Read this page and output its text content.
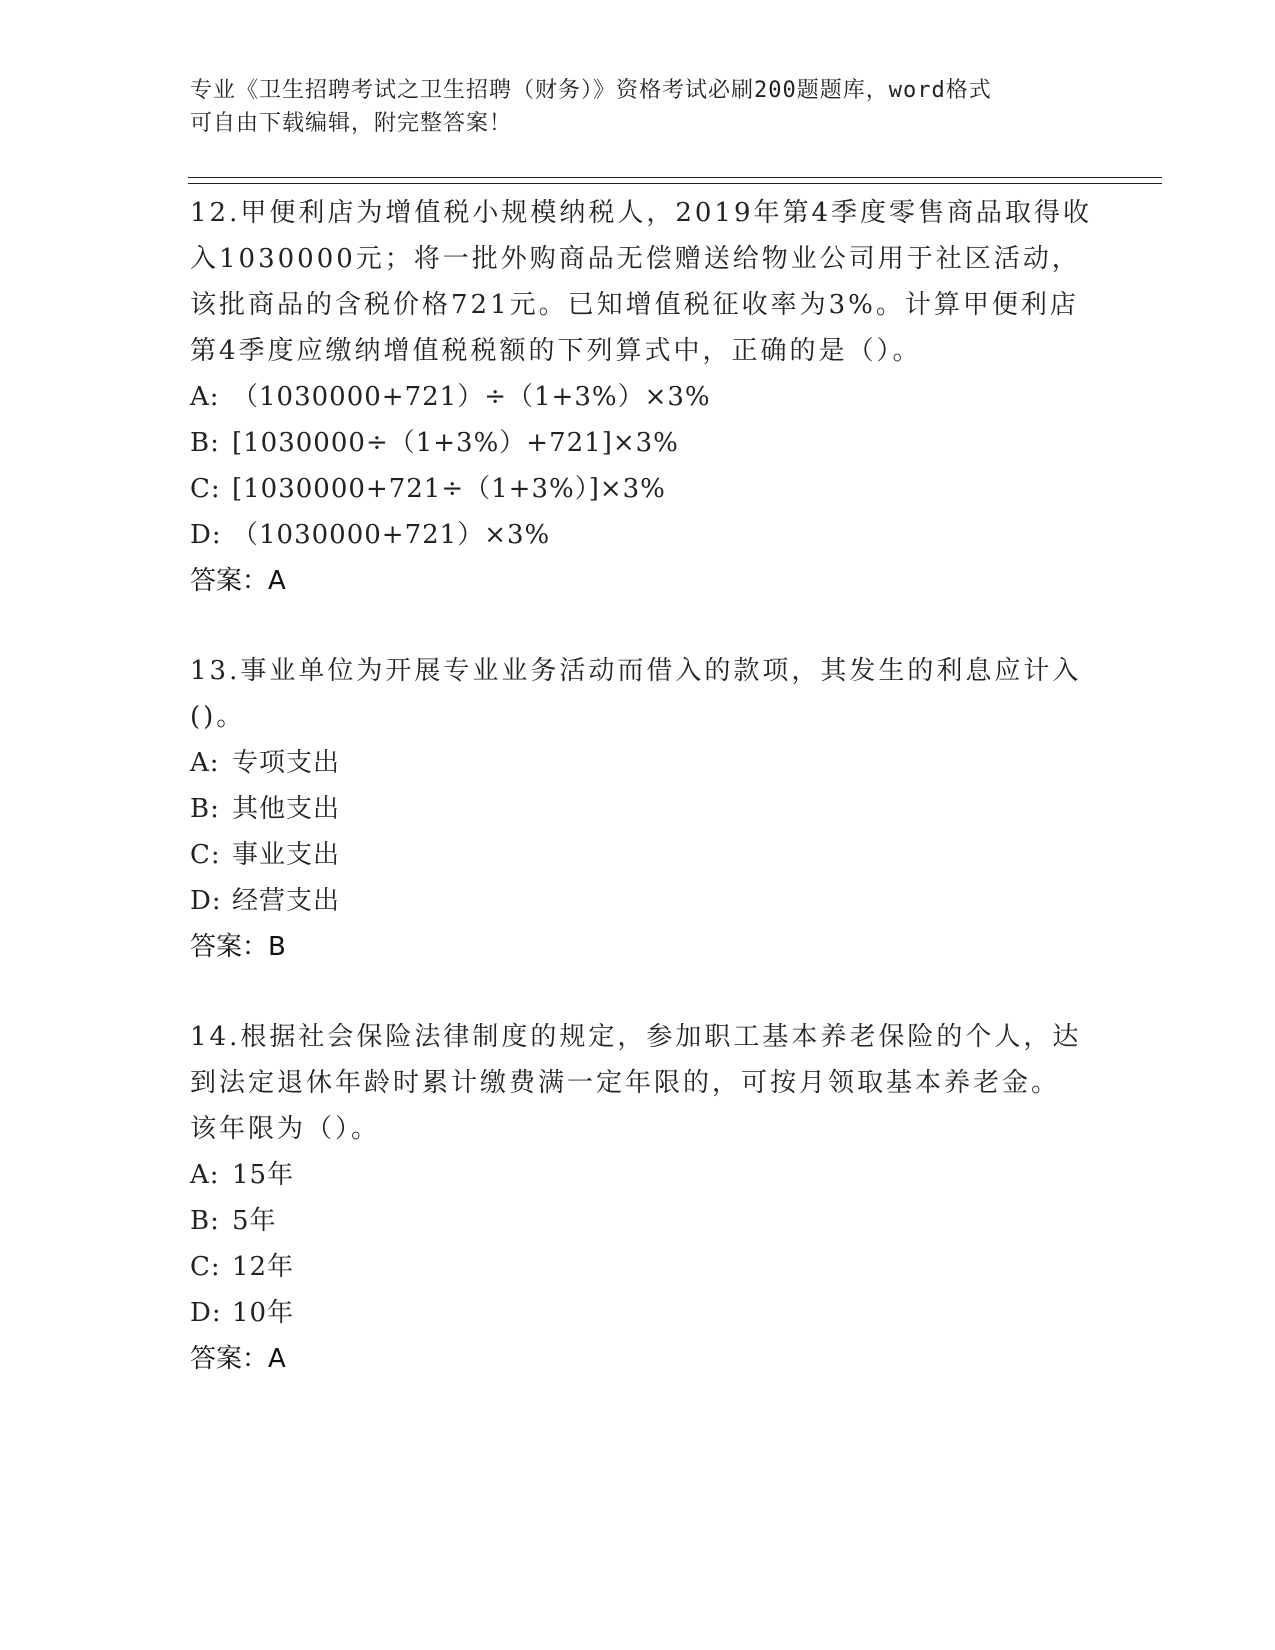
专业《卫生招聘考试之卫生招聘（财务）》资格考试必刷200题题库，word格式
可自由下载编辑，附完整答案！
12.甲便利店为增值税小规模纳税人，2019年第4季度零售商品取得收
入1030000元；将一批外购商品无偿赠送给物业公司用于社区活动，
该批商品的含税价格721元。已知增值税征收率为3%。计算甲便利店
第4季度应缴纳增值税税额的下列算式中，正确的是（）。
A: （1030000+721）÷（1+3%）×3%
B: [1030000÷（1+3%）+721]×3%
C: [1030000+721÷（1+3%）]×3%
D: （1030000+721）×3%
答案：A
13.事业单位为开展专业业务活动而借入的款项，其发生的利息应计入
()。
A: 专项支出
B: 其他支出
C: 事业支出
D: 经营支出
答案：B
14.根据社会保险法律制度的规定，参加职工基本养老保险的个人，达
到法定退休年龄时累计缴费满一定年限的，可按月领取基本养老金。
该年限为（）。
A: 15年
B: 5年
C: 12年
D: 10年
答案：A
